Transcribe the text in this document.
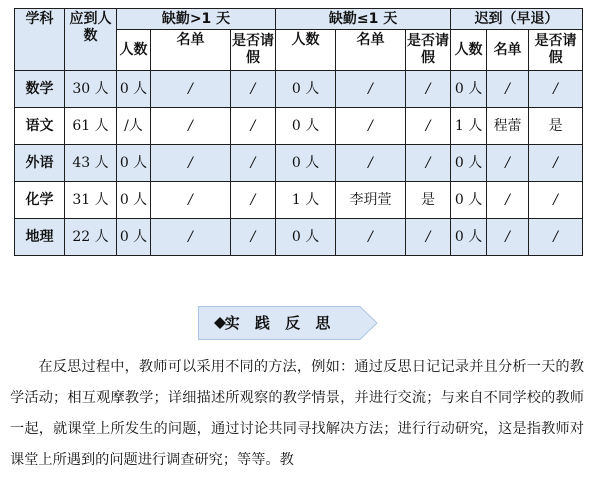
学科	应到人数	缺勤>1 天			缺勤≤1 天			迟到（早退）		
		人数	名单	是否请假	人数	名单	是否请假	人数	名单	是否请假
数学	30 人	0 人	/	/	0 人	/	/	0 人	/	/
语文	61 人	/人	/	/	0 人	/	/	1 人	程蕾	是
外语	43 人	0 人	/	/	0 人	/	/	0 人	/	/
化学	31 人	0 人	/	/	1 人	李玥萱	是	0 人	/	/
地理	22 人	0 人	/	/	0 人	/	/	0 人	/	/
实 践 反 思

在反思过程中，教师可以采用不同的方法，例如：通过反思日记记录并且分析一天的教学活动；相互观摩教学；详细描述所观察的教学情景，并进行交流；与来自不同学校的教师一起，就课堂上所发生的问题，通过讨论共同寻找解决方法；进行行动研究，这是指教师对课堂上所遇到的问题进行调查研究；等等。教
